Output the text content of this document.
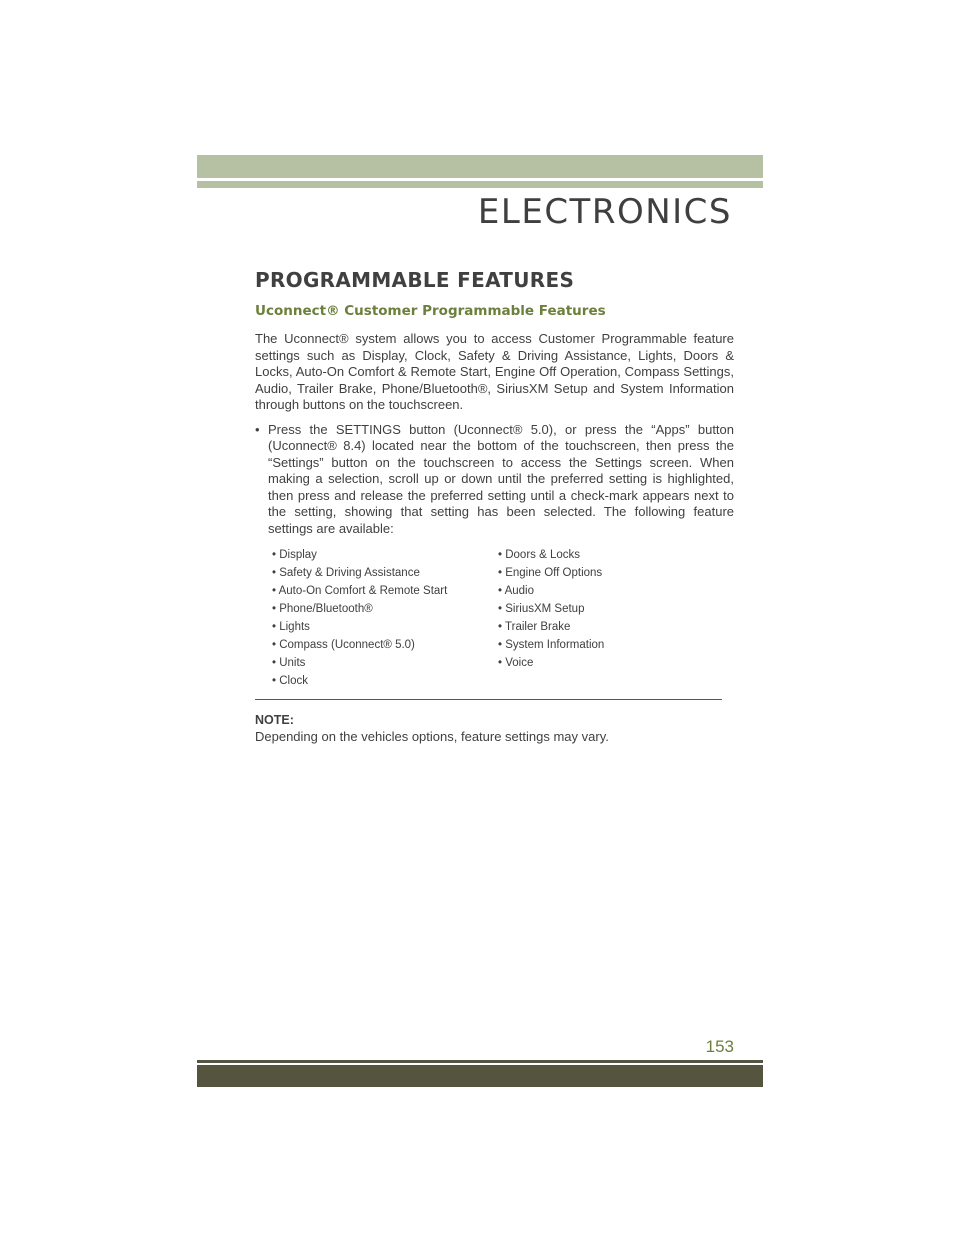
ELECTRONICS
PROGRAMMABLE FEATURES
Uconnect® Customer Programmable Features

The Uconnect® system allows you to access Customer Programmable feature settings such as Display, Clock, Safety & Driving Assistance, Lights, Doors & Locks, Auto-On Comfort & Remote Start, Engine Off Operation, Compass Settings, Audio, Trailer Brake, Phone/Bluetooth®, SiriusXM Setup and System Information through buttons on the touchscreen.

• Press the SETTINGS button (Uconnect® 5.0), or press the “Apps” button (Uconnect® 8.4) located near the bottom of the touchscreen, then press the “Settings” button on the touchscreen to access the Settings screen. When making a selection, scroll up or down until the preferred setting is highlighted, then press and release the preferred setting until a check-mark appears next to the setting, showing that setting has been selected. The following feature settings are available:
• Display	• Doors & Locks
• Safety & Driving Assistance	• Engine Off Options
• Auto-On Comfort & Remote Start	• Audio
• Phone/Bluetooth®	• SiriusXM Setup
• Lights	• Trailer Brake
• Compass (Uconnect® 5.0)	• System Information
• Units	• Voice
• Clock
NOTE:
Depending on the vehicles options, feature settings may vary.
153
